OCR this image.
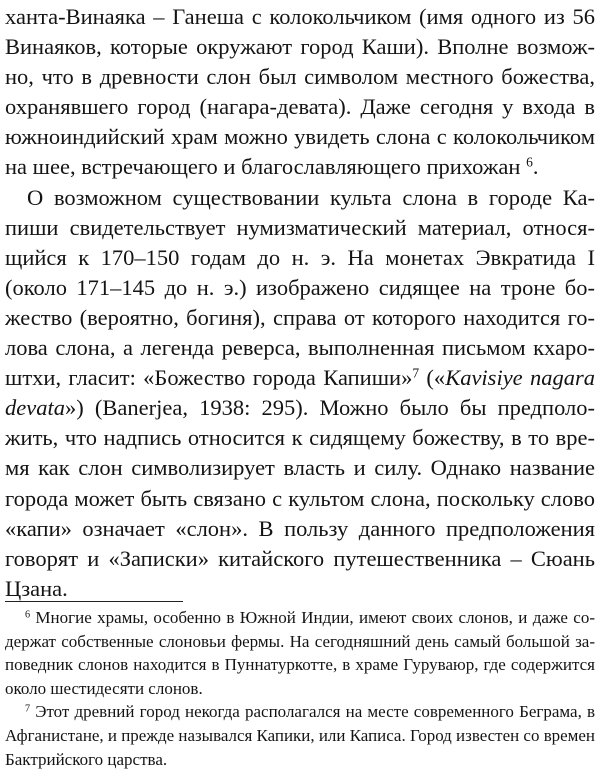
ханта-Винаяка – Ганеша с колокольчиком (имя одного из 56
Винаяков, которые окружают город Каши). Вполне возмож-
но, что в древности слон был символом местного божества,
охранявшего город (нагара-девата). Даже сегодня у входа в
южноиндийский храм можно увидеть слона с колокольчиком
на шее, встречающего и благославляющего прихожан $^6$.
О возможном существовании культа слона в городе Ка-
пиши свидетельствует нумизматический материал, относя-
щийся к 170–150 годам до н. э. На монетах Эвкратида I
(около 171–145 до н. э.) изображено сидящее на троне бо-
жество (вероятно, богиня), справа от которого находится го-
лова слона, а легенда реверса, выполненная письмом кхаро-
штхи, гласит: «Божество города Капиши»$^7$ («Kavisiye nagara
devata») (Banerjea, 1938: 295). Можно было бы предполо-
жить, что надпись относится к сидящему божеству, в то вре-
мя как слон символизирует власть и силу. Однако название
города может быть связано с культом слона, поскольку слово
«капи» означает «слон». В пользу данного предположения
говорят и «Записки» китайского путешественника – Сюань
Цзана.
$^6$ Многие храмы, особенно в Южной Индии, имеют своих слонов, и даже со-
держат собственные слоновьи фермы. На сегодняшний день самый большой за-
поведник слонов находится в Пуннатуркотте, в храме Гуруваюр, где содержится
около шестидесяти слонов.
$^7$ Этот древний город некогда располагался на месте современного Беграма, в
Афганистане, и прежде назывался Капики, или Каписа. Город известен со времен
Бактрийского царства.
